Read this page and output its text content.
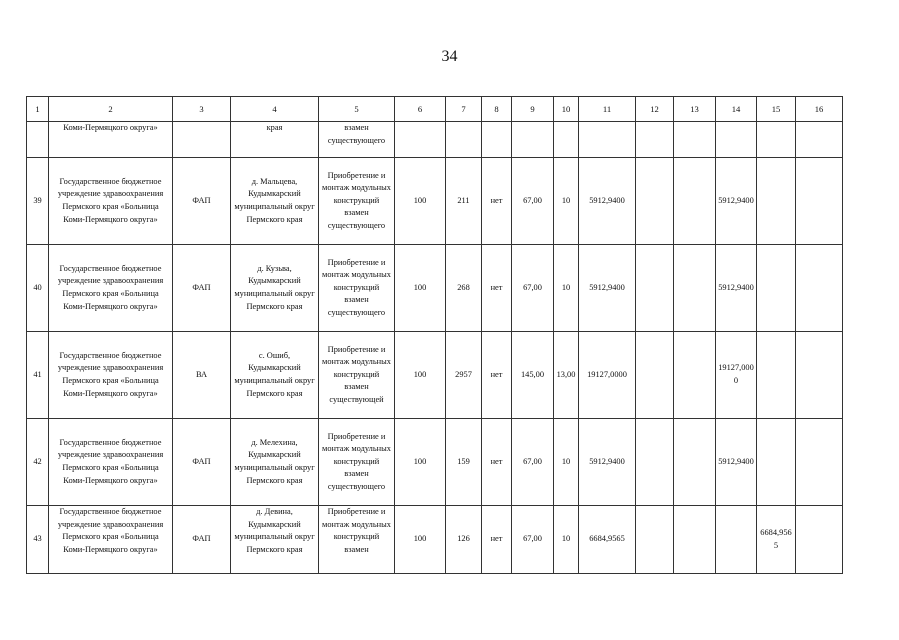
34
1	2	3	4	5	6	7	8	9	10	11	12	13	14	15	16
	Коми-Пермяцкого округа»		края	взамен существующего											
39	Государственное бюджетное учреждение здравоохранения Пермского края «Больница Коми-Пермяцкого округа»	ФАП	д. Мальцева, Кудымкарский муниципальный округ Пермского края	Приобретение и монтаж модульных конструкций взамен существующего	100	211	нет	67,00	10	5912,9400			5912,9400		
40	Государственное бюджетное учреждение здравоохранения Пермского края «Больница Коми-Пермяцкого округа»	ФАП	д. Кузьва, Кудымкарский муниципальный округ Пермского края	Приобретение и монтаж модульных конструкций взамен существующего	100	268	нет	67,00	10	5912,9400			5912,9400		
41	Государственное бюджетное учреждение здравоохранения Пермского края «Больница Коми-Пермяцкого округа»	ВА	с. Ошиб, Кудымкарский муниципальный округ Пермского края	Приобретение и монтаж модульных конструкций взамен существующей	100	2957	нет	145,00	13,00	19127,0000			19127,0000		
42	Государственное бюджетное учреждение здравоохранения Пермского края «Больница Коми-Пермяцкого округа»	ФАП	д. Мелехина, Кудымкарский муниципальный округ Пермского края	Приобретение и монтаж модульных конструкций взамен существующего	100	159	нет	67,00	10	5912,9400			5912,9400		
43	Государственное бюджетное учреждение здравоохранения Пермского края «Больница Коми-Пермяцкого округа»	ФАП	д. Девина, Кудымкарский муниципальный округ Пермского края	Приобретение и монтаж модульных конструкций взамен	100	126	нет	67,00	10	6684,9565				6684,9565	
